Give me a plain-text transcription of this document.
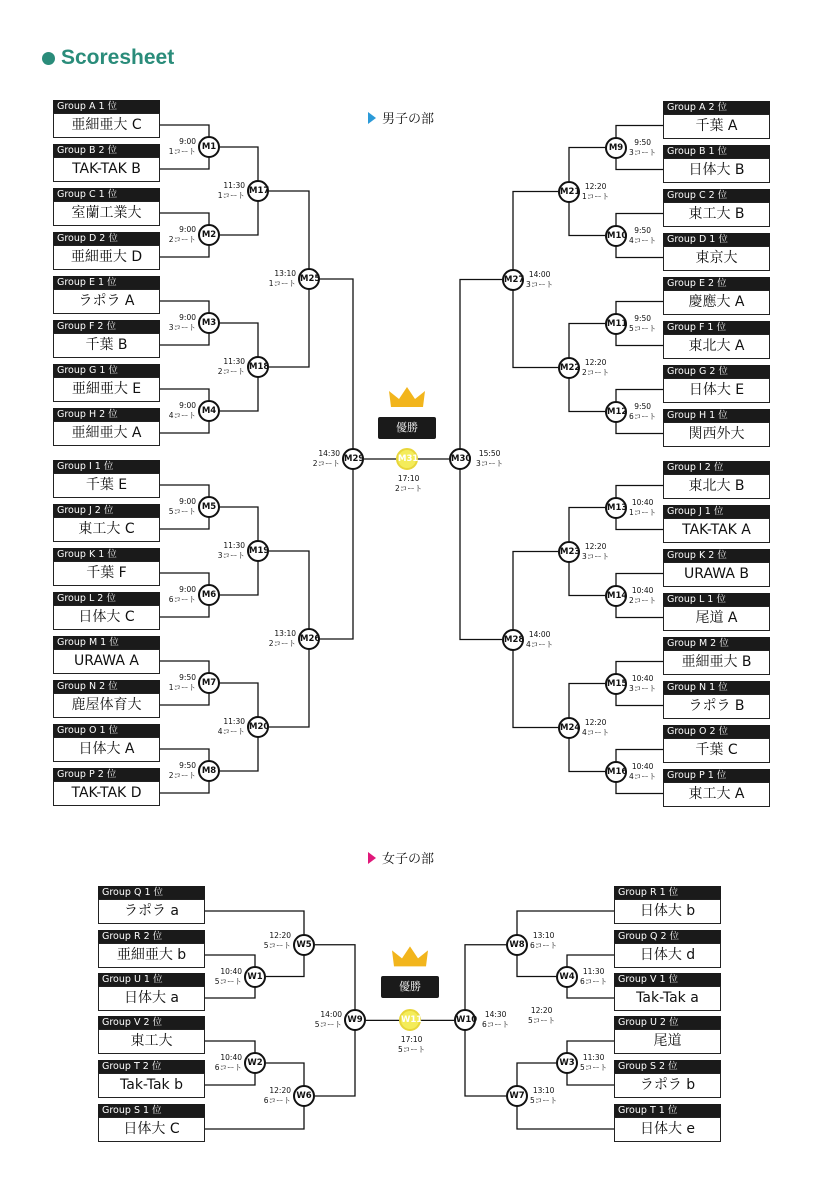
Scoresheet
男子の部
Group A 1 位
亜細亜大 C
Group B 2 位
TAK-TAK B
Group C 1 位
室蘭工業大
Group D 2 位
亜細亜大 D
Group E 1 位
ラポラ A
Group F 2 位
千葉 B
Group G 1 位
亜細亜大 E
Group H 2 位
亜細亜大 A
Group I 1 位
千葉 E
Group J 2 位
東工大 C
Group K 1 位
千葉 F
Group L 2 位
日体大 C
Group M 1 位
URAWA A
Group N 2 位
鹿屋体育大
Group O 1 位
日体大 A
Group P 2 位
TAK-TAK D
Group A 2 位
千葉 A
Group B 1 位
日体大 B
Group C 2 位
東工大 B
Group D 1 位
東京大
Group E 2 位
慶應大 A
Group F 1 位
東北大 A
Group G 2 位
日体大 E
Group H 1 位
関西外大
Group I 2 位
東北大 B
Group J 1 位
TAK-TAK A
Group K 2 位
URAWA B
Group L 1 位
尾道 A
Group M 2 位
亜細亜大 B
Group N 1 位
ラポラ B
Group O 2 位
千葉 C
Group P 1 位
東工大 A
M1
9:00
1コート
M2
9:00
2コート
M3
9:00
3コート
M4
9:00
4コート
M5
9:00
5コート
M6
9:00
6コート
M7
9:50
1コート
M8
9:50
2コート
M17
11:30
1コート
M18
11:30
2コート
M19
11:30
3コート
M20
11:30
4コート
M25
13:10
1コート
M26
13:10
2コート
M29
14:30
2コート
M9
9:50
3コート
M10
9:50
4コート
M11
9:50
5コート
M12
9:50
6コート
M13
10:40
1コート
M14
10:40
2コート
M15
10:40
3コート
M16
10:40
4コート
M21
12:20
1コート
M22
12:20
2コート
M23
12:20
3コート
M24
12:20
4コート
M27
14:00
3コート
M28
14:00
4コート
M30
15:50
3コート
M31
17:10
2コート
優勝
女子の部
Group Q 1 位
ラポラ a
Group R 2 位
亜細亜大 b
Group U 1 位
日体大 a
Group V 2 位
東工大
Group T 2 位
Tak-Tak b
Group S 1 位
日体大 C
Group R 1 位
日体大 b
Group Q 2 位
日体大 d
Group V 1 位
Tak-Tak a
Group U 2 位
尾道
Group S 2 位
ラポラ b
Group T 1 位
日体大 e
W1
10:40
5コート
W2
10:40
6コート
W5
12:20
5コート
W6
12:20
6コート
W9
14:00
5コート
W4
11:30
6コート
W3
11:30
5コート
W8
13:10
6コート
W7
13:10
5コート
W10
14:30
6コート
W11
17:10
5コート
12:20
5コート
優勝
